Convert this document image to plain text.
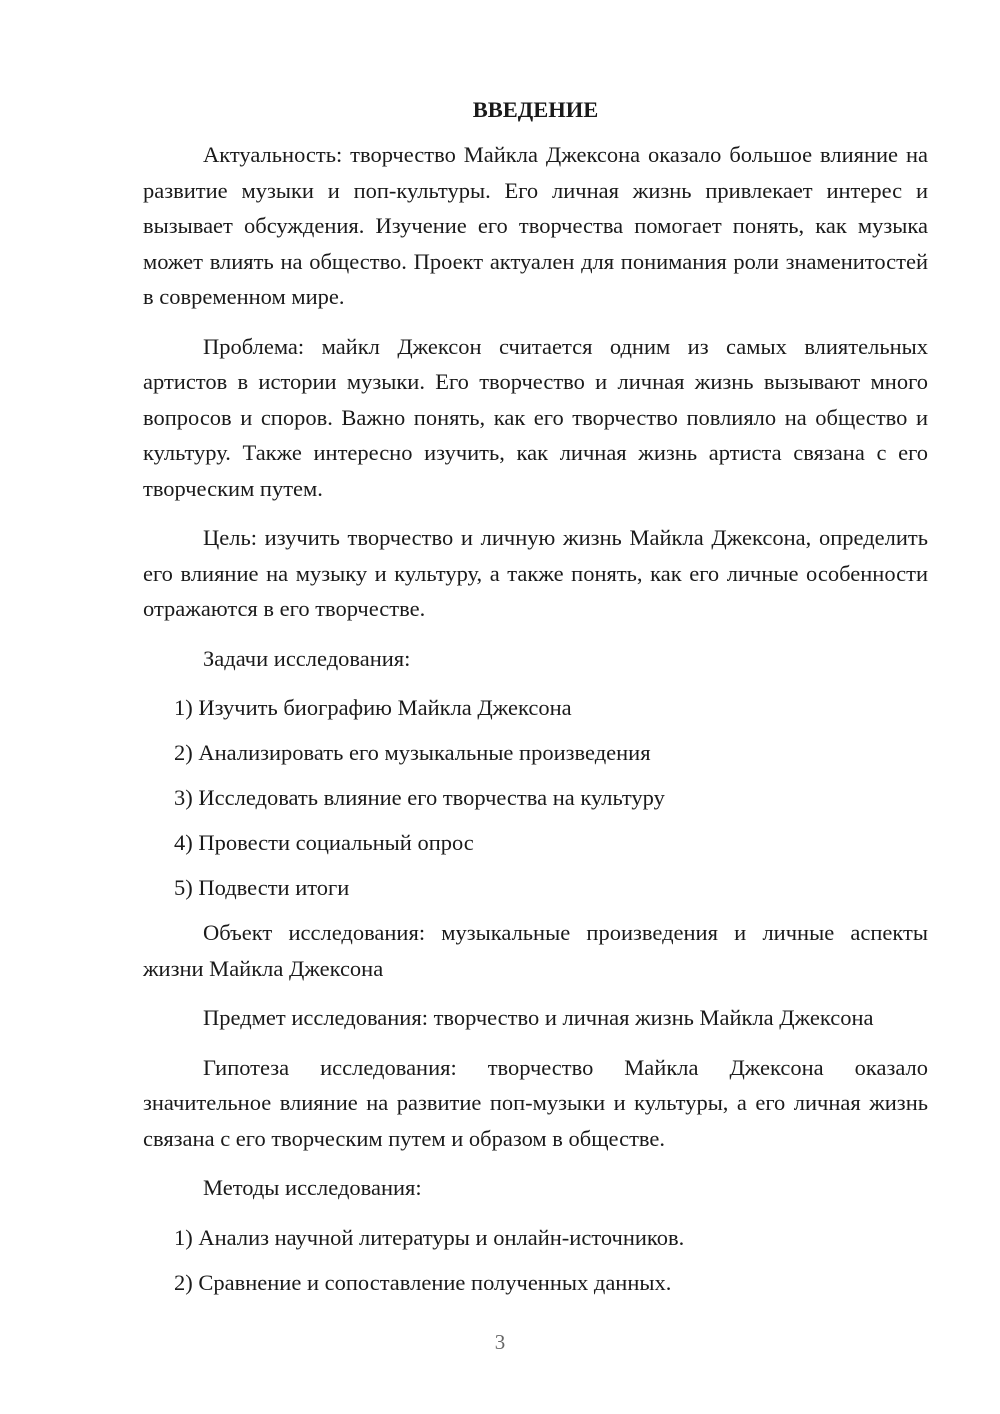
ВВЕДЕНИЕ

Актуальность: творчество Майкла Джексона оказало большое влияние на развитие музыки и поп-культуры. Его личная жизнь привлекает интерес и вызывает обсуждения. Изучение его творчества помогает понять, как музыка может влиять на общество. Проект актуален для понимания роли знаменитостей в современном мире.

Проблема: майкл Джексон считается одним из самых влиятельных артистов в истории музыки. Его творчество и личная жизнь вызывают много вопросов и споров. Важно понять, как его творчество повлияло на общество и культуру. Также интересно изучить, как личная жизнь артиста связана с его творческим путем.

Цель: изучить творчество и личную жизнь Майкла Джексона, определить его влияние на музыку и культуру, а также понять, как его личные особенности отражаются в его творчестве.

Задачи исследования:

1) Изучить биографию Майкла Джексона
2) Анализировать его музыкальные произведения
3) Исследовать влияние его творчества на культуру
4) Провести социальный опрос
5) Подвести итоги

Объект исследования: музыкальные произведения и личные аспекты жизни Майкла Джексона

Предмет исследования: творчество и личная жизнь Майкла Джексона

Гипотеза исследования: творчество Майкла Джексона оказало значительное влияние на развитие поп-музыки и культуры, а его личная жизнь связана с его творческим путем и образом в обществе.

Методы исследования:

1) Анализ научной литературы и онлайн-источников.
2) Сравнение и сопоставление полученных данных.
3
